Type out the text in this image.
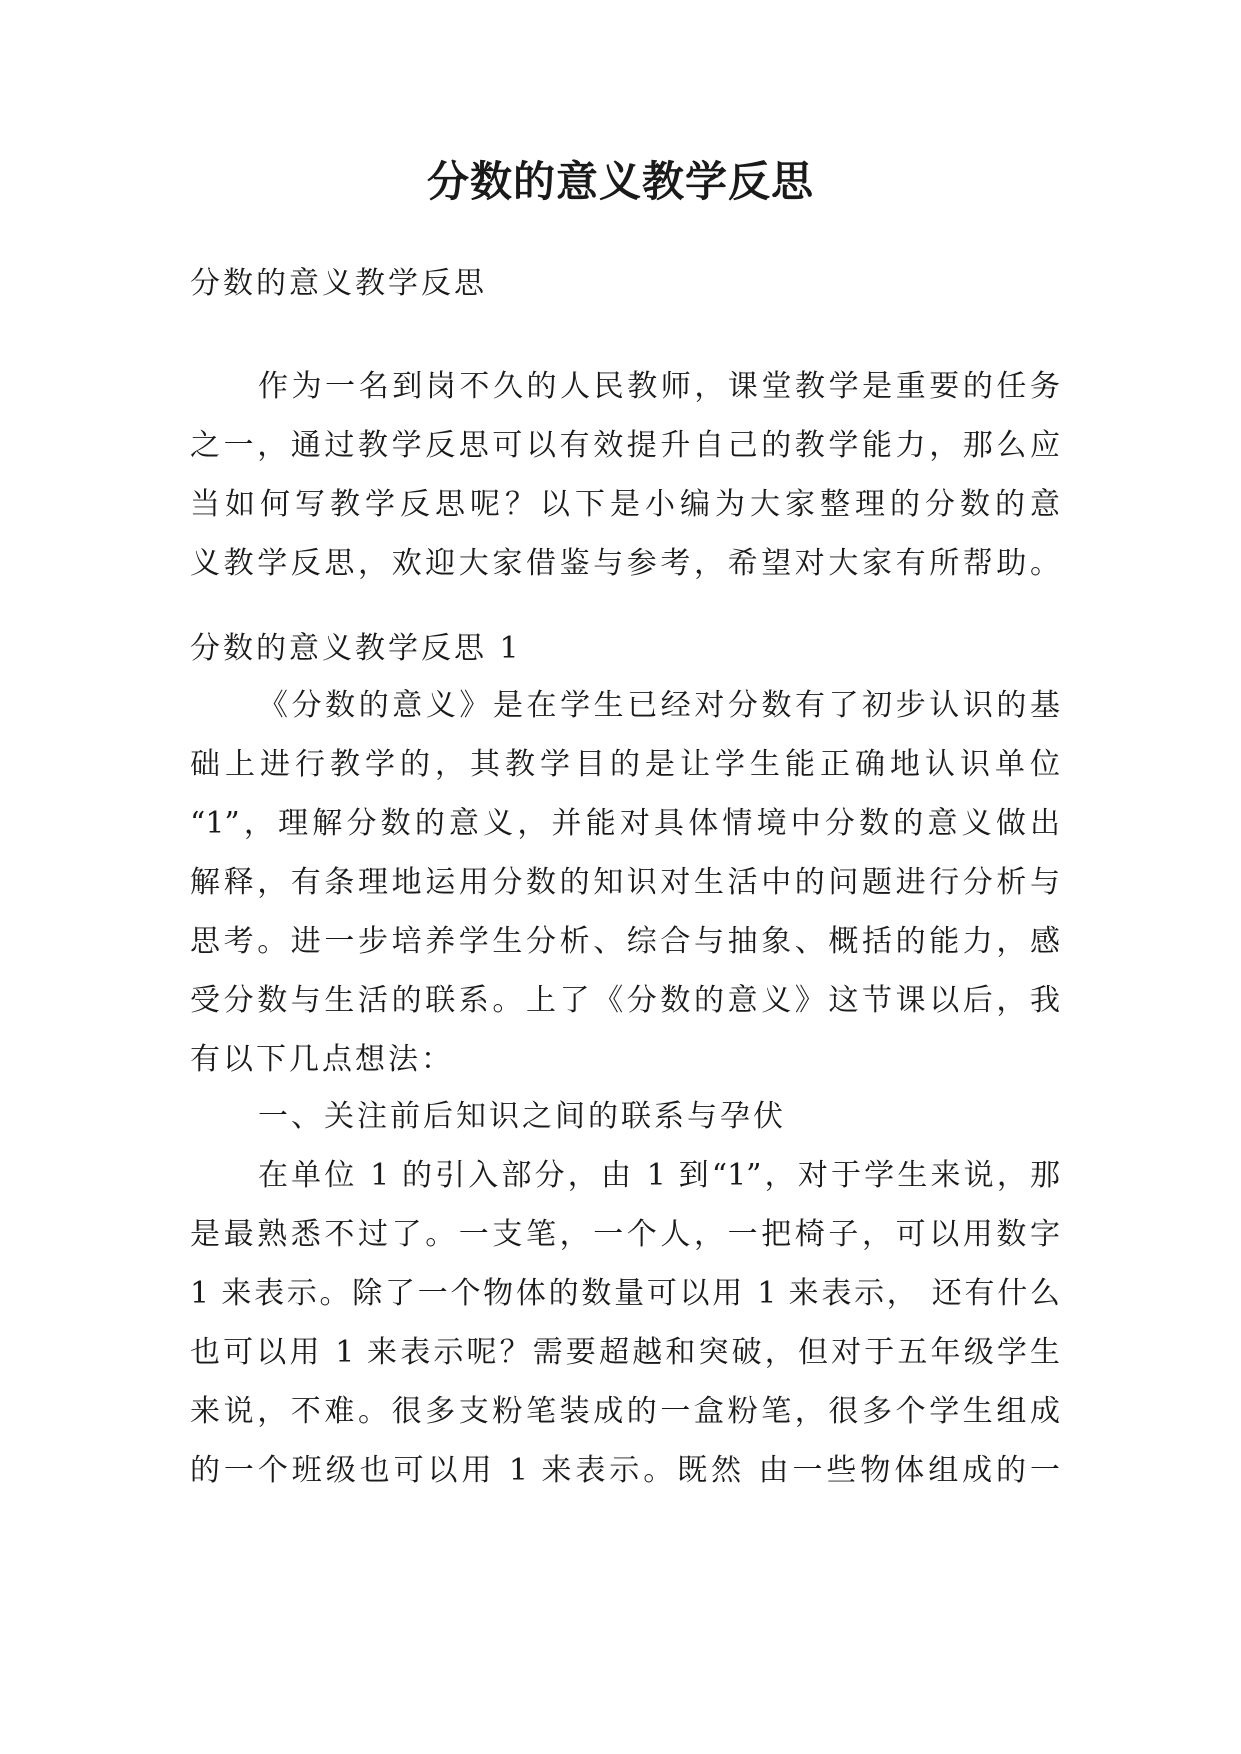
分数的意义教学反思
分数的意义教学反思
作为一名到岗不久的人民教师，课堂教学是重要的任务
之一，通过教学反思可以有效提升自己的教学能力，那么应
当如何写教学反思呢？以下是小编为大家整理的分数的意
义教学反思，欢迎大家借鉴与参考，希望对大家有所帮助。
分数的意义教学反思 1
《分数的意义》是在学生已经对分数有了初步认识的基
础上进行教学的，其教学目的是让学生能正确地认识单位
“1”，理解分数的意义，并能对具体情境中分数的意义做出
解释，有条理地运用分数的知识对生活中的问题进行分析与
思考。进一步培养学生分析、综合与抽象、概括的能力，感
受分数与生活的联系。上了《分数的意义》这节课以后，我
有以下几点想法：
一、关注前后知识之间的联系与孕伏
在单位 1 的引入部分，由 1 到“1”，对于学生来说，那
是最熟悉不过了。一支笔，一个人，一把椅子，可以用数字
1 来表示。除了一个物体的数量可以用 1 来表示， 还有什么
也可以用 1 来表示呢？需要超越和突破，但对于五年级学生
来说，不难。很多支粉笔装成的一盒粉笔，很多个学生组成
的一个班级也可以用 1 来表示。既然 由一些物体组成的一
